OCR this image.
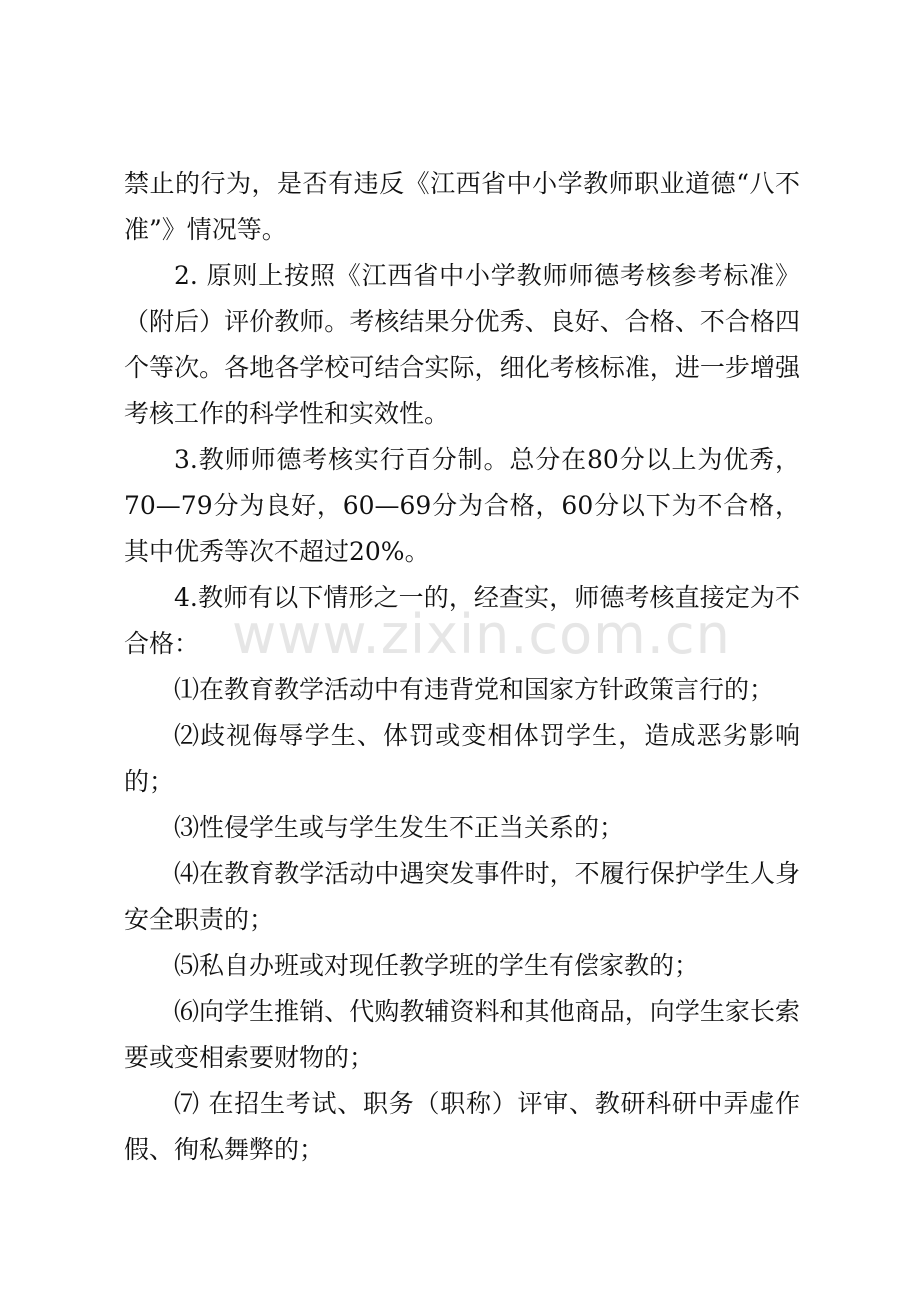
www.zixin.com.cn

禁止的行为，是否有违反《江西省中小学教师职业道德“八不准”》情况等。

2. 原则上按照《江西省中小学教师师德考核参考标准》（附后）评价教师。考核结果分优秀、良好、合格、不合格四个等次。各地各学校可结合实际，细化考核标准，进一步增强考核工作的科学性和实效性。

3.教师师德考核实行百分制。总分在80分以上为优秀，70—79分为良好，60—69分为合格，60分以下为不合格，其中优秀等次不超过20%。

4.教师有以下情形之一的，经查实，师德考核直接定为不合格：

⑴在教育教学活动中有违背党和国家方针政策言行的；

⑵歧视侮辱学生、体罚或变相体罚学生，造成恶劣影响的；

⑶性侵学生或与学生发生不正当关系的；

⑷在教育教学活动中遇突发事件时，不履行保护学生人身安全职责的；

⑸私自办班或对现任教学班的学生有偿家教的；

⑹向学生推销、代购教辅资料和其他商品，向学生家长索要或变相索要财物的；

⑺ 在招生考试、职务（职称）评审、教研科研中弄虚作假、徇私舞弊的；
